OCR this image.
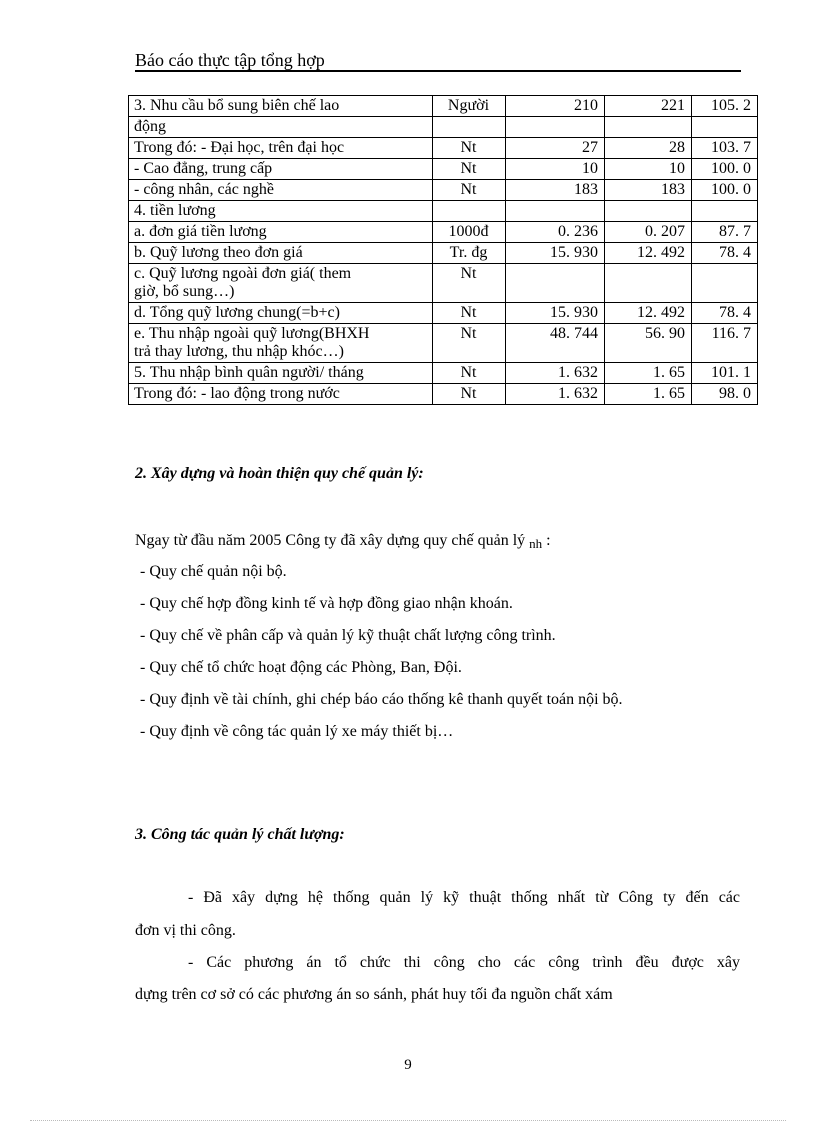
Báo cáo thực tập tổng hợp
3. Nhu cầu bổ sung biên chế lao	Người	210	221	105. 2
động				
Trong đó: - Đại học, trên đại học	Nt	27	28	103. 7
- Cao đẳng, trung cấp	Nt	10	10	100. 0
- công nhân, các nghề	Nt	183	183	100. 0
4. tiền lương				
a. đơn giá tiền lương	1000đ	0. 236	0. 207	87. 7
b. Quỹ lương theo đơn giá	Tr. đg	15. 930	12. 492	78. 4
c. Quỹ lương ngoài đơn giá( them
giờ, bổ sung…)	Nt			
d. Tổng quỹ lương chung(=b+c)	Nt	15. 930	12. 492	78. 4
e. Thu nhập ngoài quỹ lương(BHXH
trả thay lương, thu nhập khóc…)	Nt	48. 744	56. 90	116. 7
5. Thu nhập bình quân người/ tháng	Nt	1. 632	1. 65	101. 1
Trong đó: - lao động trong nước	Nt	1. 632	1. 65	98. 0
2. Xây dựng và hoàn thiện quy chế quản lý:
Ngay từ đầu năm 2005 Công ty đã xây dựng quy chế quản lý nh :
- Quy chế quản nội bộ.
- Quy chế hợp đồng kinh tế và hợp đồng giao nhận khoán.
- Quy chế về phân cấp và quản lý kỹ thuật chất lượng công trình.
- Quy chế tổ chức hoạt động các Phòng, Ban, Đội.
- Quy định về tài chính, ghi chép báo cáo thống kê thanh quyết toán nội bộ.
- Quy định về công tác quản lý xe máy thiết bị…
3. Công tác quản lý chất lượng:
- Đã xây dựng hệ thống quản lý kỹ thuật thống nhất từ Công ty đến các
đơn vị thi công.
- Các phương án tổ chức thi công cho các công trình đều được xây
dựng trên cơ sở có các phương án so sánh, phát huy tối đa nguồn chất xám
9
